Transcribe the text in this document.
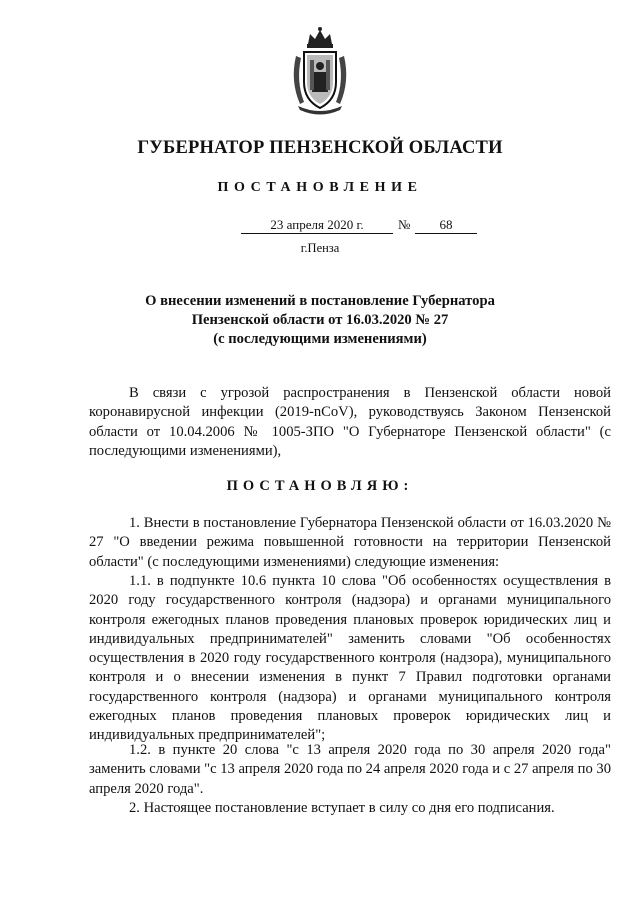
ГУБЕРНАТОР ПЕНЗЕНСКОЙ ОБЛАСТИ
ПОСТАНОВЛЕНИЕ
23 апреля 2020 г.	№	68
г.Пенза
О внесении изменений в постановление Губернатора
Пензенской области от 16.03.2020 № 27
(с последующими изменениями)

В связи с угрозой распространения в Пензенской области новой коронавирусной инфекции (2019-nCoV), руководствуясь Законом Пензенской области от 10.04.2006 № 1005-ЗПО "О Губернаторе Пензенской области" (с последующими изменениями),

ПОСТАНОВЛЯЮ:

1. Внести в постановление Губернатора Пензенской области от 16.03.2020 № 27 "О введении режима повышенной готовности на территории Пензенской области" (с последующими изменениями) следующие изменения:

1.1. в подпункте 10.6 пункта 10 слова "Об особенностях осуществления в 2020 году государственного контроля (надзора) и органами муниципального контроля ежегодных планов проведения плановых проверок юридических лиц и индивидуальных предпринимателей" заменить словами "Об особенностях осуществления в 2020 году государственного контроля (надзора), муниципального контроля и о внесении изменения в пункт 7 Правил подготовки органами государственного контроля (надзора) и органами муниципального контроля ежегодных планов проведения плановых проверок юридических лиц и индивидуальных предпринимателей";

1.2. в пункте 20 слова "с 13 апреля 2020 года по 30 апреля 2020 года" заменить словами "с 13 апреля 2020 года по 24 апреля 2020 года и с 27 апреля по 30 апреля 2020 года".

2. Настоящее постановление вступает в силу со дня его подписания.
